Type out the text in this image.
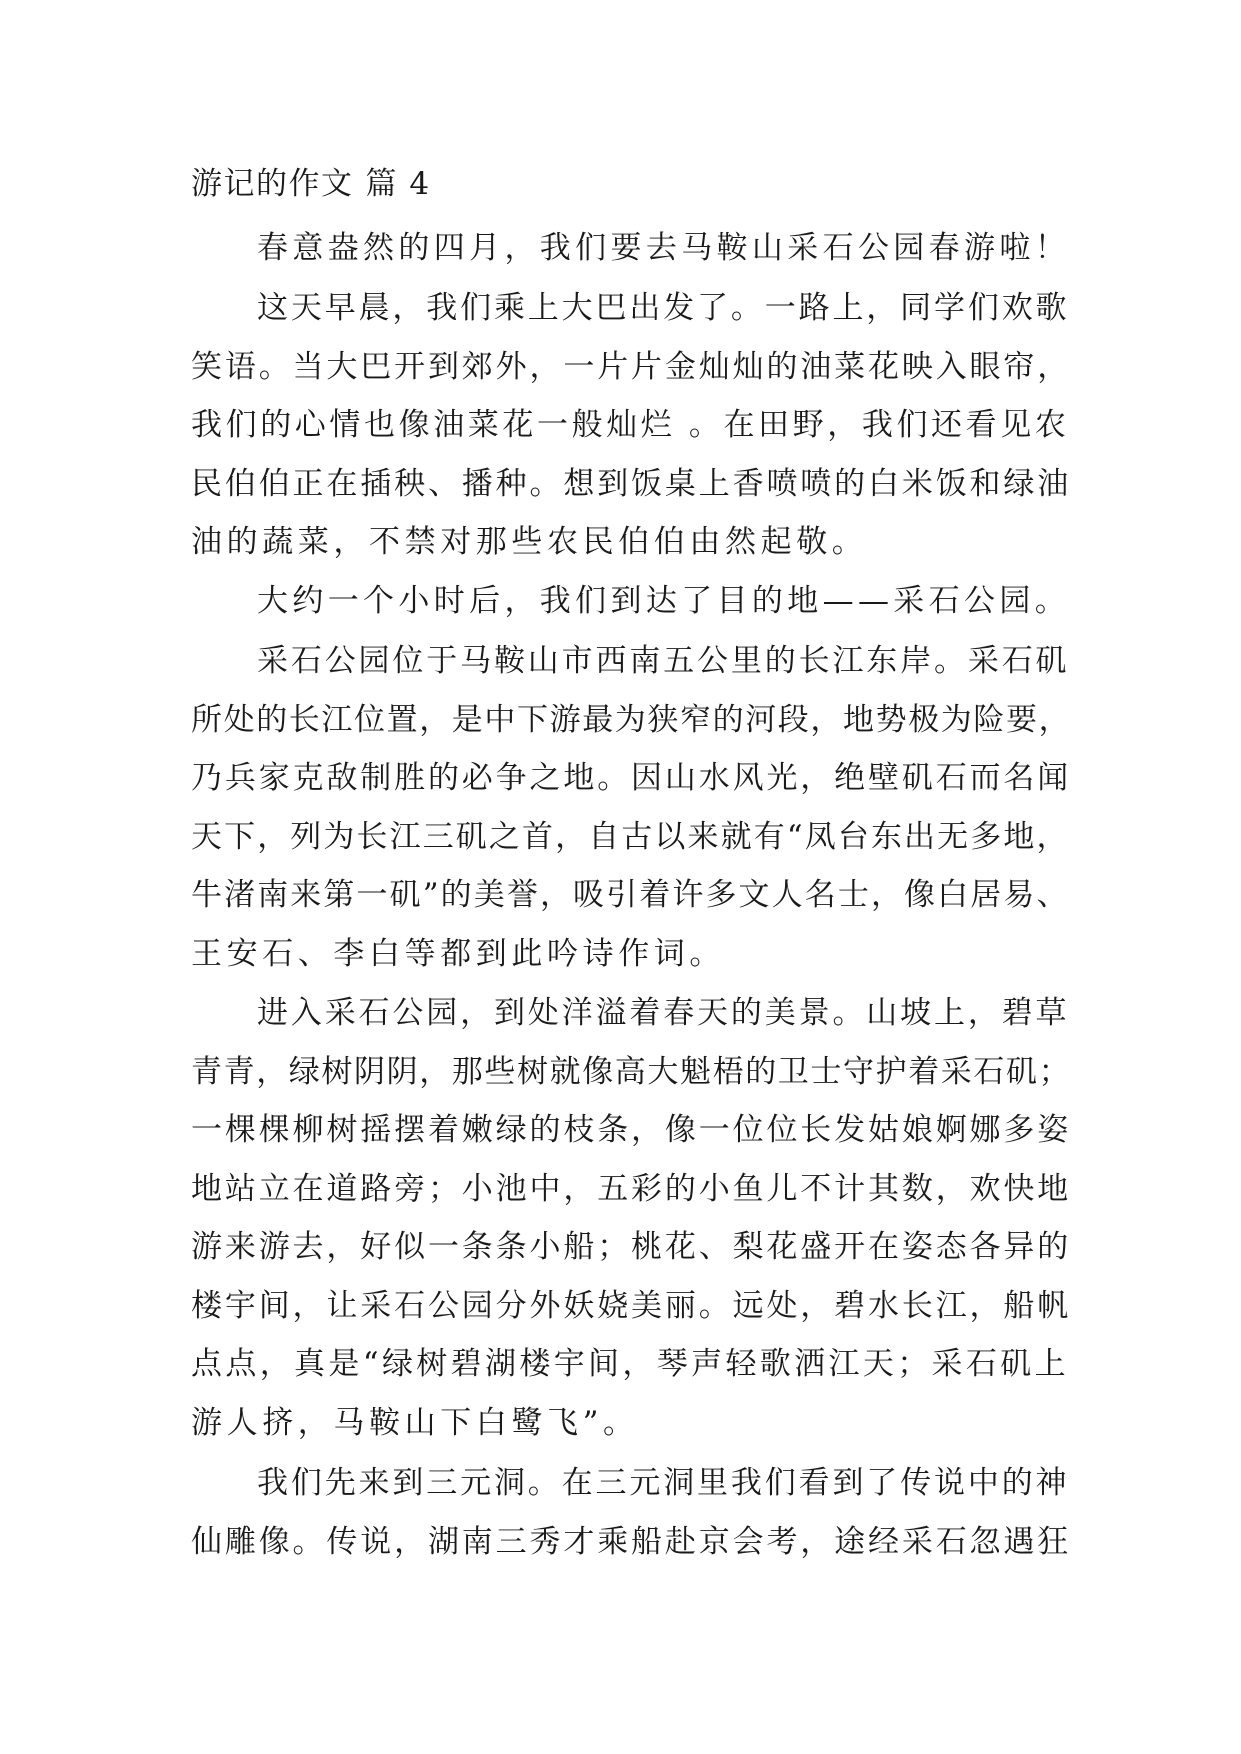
游记的作文 篇 4
春意盎然的四月，我们要去马鞍山采石公园春游啦！
这天早晨，我们乘上大巴出发了。一路上，同学们欢歌
笑语。当大巴开到郊外，一片片金灿灿的油菜花映入眼帘，
我们的心情也像油菜花一般灿烂 。在田野，我们还看见农
民伯伯正在插秧、播种。想到饭桌上香喷喷的白米饭和绿油
油的蔬菜，不禁对那些农民伯伯由然起敬。
大约一个小时后，我们到达了目的地——采石公园。
采石公园位于马鞍山市西南五公里的长江东岸。采石矶
所处的长江位置，是中下游最为狭窄的河段，地势极为险要，
乃兵家克敌制胜的必争之地。因山水风光，绝壁矶石而名闻
天下，列为长江三矶之首，自古以来就有“凤台东出无多地，
牛渚南来第一矶”的美誉，吸引着许多文人名士，像白居易、
王安石、李白等都到此吟诗作词。
进入采石公园，到处洋溢着春天的美景。山坡上，碧草
青青，绿树阴阴，那些树就像高大魁梧的卫士守护着采石矶；
一棵棵柳树摇摆着嫩绿的枝条，像一位位长发姑娘婀娜多姿
地站立在道路旁；小池中，五彩的小鱼儿不计其数，欢快地
游来游去，好似一条条小船；桃花、梨花盛开在姿态各异的
楼宇间，让采石公园分外妖娆美丽。远处，碧水长江，船帆
点点，真是“绿树碧湖楼宇间，琴声轻歌洒江天；采石矶上
游人挤，马鞍山下白鹭飞”。
我们先来到三元洞。在三元洞里我们看到了传说中的神
仙雕像。传说，湖南三秀才乘船赴京会考，途经采石忽遇狂
